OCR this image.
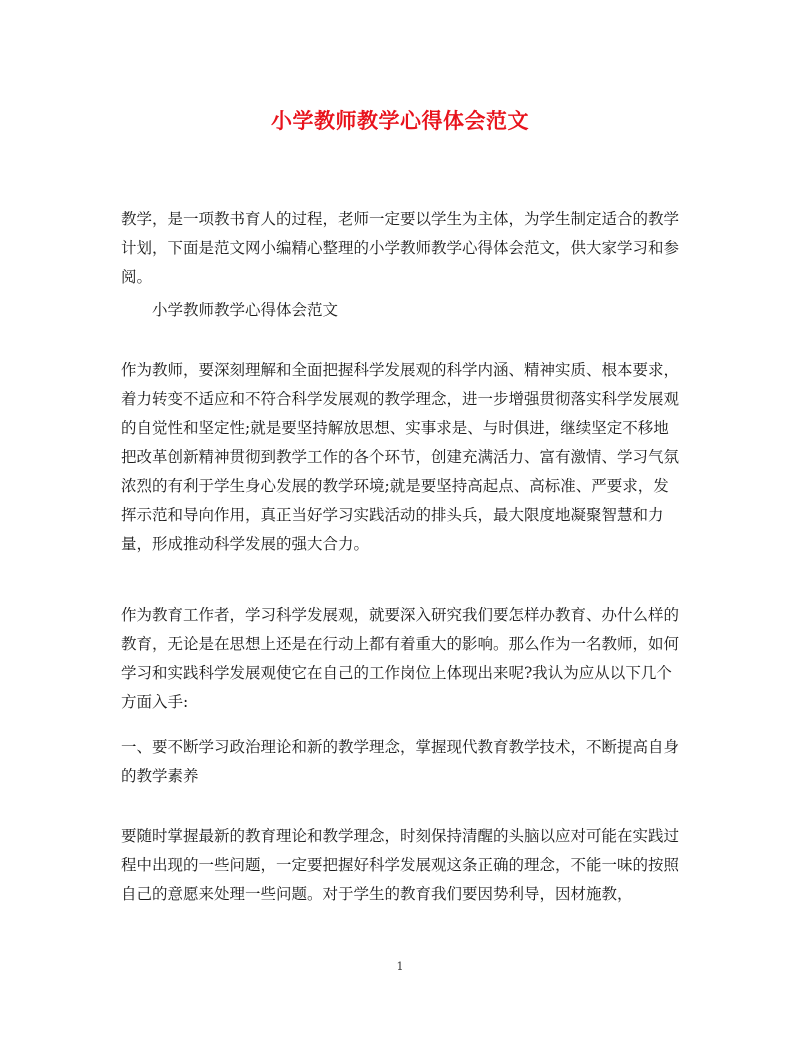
小学教师教学心得体会范文

教学，是一项教书育人的过程，老师一定要以学生为主体，为学生制定适合的教学计划，下面是范文网小编精心整理的小学教师教学心得体会范文，供大家学习和参阅。

小学教师教学心得体会范文

作为教师，要深刻理解和全面把握科学发展观的科学内涵、精神实质、根本要求，着力转变不适应和不符合科学发展观的教学理念，进一步增强贯彻落实科学发展观的自觉性和坚定性;就是要坚持解放思想、实事求是、与时俱进，继续坚定不移地把改革创新精神贯彻到教学工作的各个环节，创建充满活力、富有激情、学习气氛浓烈的有利于学生身心发展的教学环境;就是要坚持高起点、高标准、严要求，发挥示范和导向作用，真正当好学习实践活动的排头兵，最大限度地凝聚智慧和力量，形成推动科学发展的强大合力。

作为教育工作者，学习科学发展观，就要深入研究我们要怎样办教育、办什么样的教育，无论是在思想上还是在行动上都有着重大的影响。那么作为一名教师，如何学习和实践科学发展观使它在自己的工作岗位上体现出来呢?我认为应从以下几个方面入手:

一、要不断学习政治理论和新的教学理念，掌握现代教育教学技术，不断提高自身的教学素养

要随时掌握最新的教育理论和教学理念，时刻保持清醒的头脑以应对可能在实践过程中出现的一些问题，一定要把握好科学发展观这条正确的理念，不能一味的按照自己的意愿来处理一些问题。对于学生的教育我们要因势利导，因材施教，

1
